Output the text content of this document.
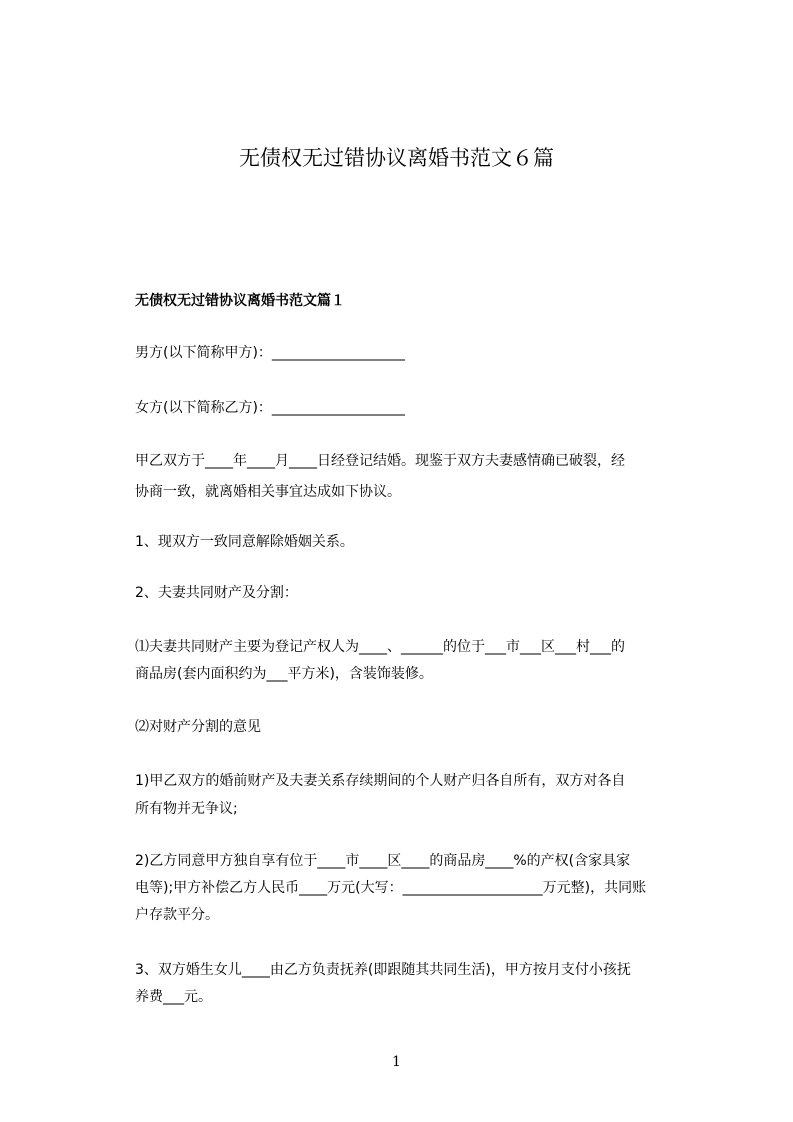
无债权无过错协议离婚书范文６篇
无债权无过错协议离婚书范文篇１
男方(以下简称甲方)：___________________
女方(以下简称乙方)：___________________
甲乙双方于____年____月____日经登记结婚。现鉴于双方夫妻感情确已破裂，经
协商一致，就离婚相关事宜达成如下协议。
1、现双方一致同意解除婚姻关系。
2、夫妻共同财产及分割：
⑴夫妻共同财产主要为登记产权人为____、______的位于___市___区___村___的
商品房(套内面积约为___平方米)，含装饰装修。
⑵对财产分割的意见
1)甲乙双方的婚前财产及夫妻关系存续期间的个人财产归各自所有，双方对各自
所有物并无争议;
2)乙方同意甲方独自享有位于____市____区____的商品房____%的产权(含家具家
电等);甲方补偿乙方人民币____万元(大写：____________________万元整)，共同账
户存款平分。
3、双方婚生女儿____由乙方负责抚养(即跟随其共同生活)，甲方按月支付小孩抚
养费___元。
1
